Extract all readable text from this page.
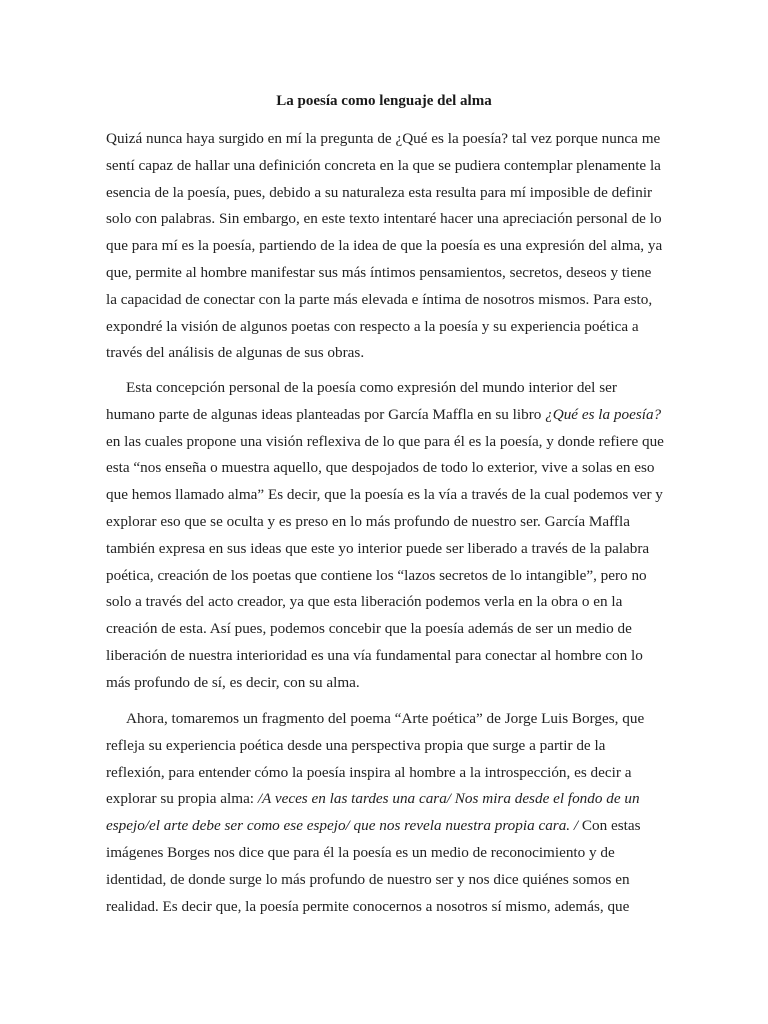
La poesía como lenguaje del alma
Quizá nunca haya surgido en mí la pregunta de ¿Qué es la poesía? tal vez porque nunca me
sentí capaz de hallar una definición concreta en la que se pudiera contemplar plenamente la
esencia de la poesía, pues, debido a su naturaleza esta resulta para mí imposible de definir
solo con palabras. Sin embargo, en este texto intentaré hacer una apreciación personal de lo
que para mí es la poesía, partiendo de la idea de que la poesía es una expresión del alma, ya
que, permite al hombre manifestar sus más íntimos pensamientos, secretos, deseos y tiene
la capacidad de conectar con la parte más elevada e íntima de nosotros mismos. Para esto,
expondré la visión de algunos poetas con respecto a la poesía y su experiencia poética a
través del análisis de algunas de sus obras.
Esta concepción personal de la poesía como expresión del mundo interior del ser
humano parte de algunas ideas planteadas por García Maffla en su libro ¿Qué es la poesía?
en las cuales propone una visión reflexiva de lo que para él es la poesía, y donde refiere que
esta “nos enseña o muestra aquello, que despojados de todo lo exterior, vive a solas en eso
que hemos llamado alma” Es decir, que la poesía es la vía a través de la cual podemos ver y
explorar eso que se oculta y es preso en lo más profundo de nuestro ser. García Maffla
también expresa en sus ideas que este yo interior puede ser liberado a través de la palabra
poética, creación de los poetas que contiene los “lazos secretos de lo intangible”, pero no
solo a través del acto creador, ya que esta liberación podemos verla en la obra o en la
creación de esta. Así pues, podemos concebir que la poesía además de ser un medio de
liberación de nuestra interioridad es una vía fundamental para conectar al hombre con lo
más profundo de sí, es decir, con su alma.
Ahora, tomaremos un fragmento del poema “Arte poética” de Jorge Luis Borges, que
refleja su experiencia poética desde una perspectiva propia que surge a partir de la
reflexión, para entender cómo la poesía inspira al hombre a la introspección, es decir a
explorar su propia alma: /A veces en las tardes una cara/ Nos mira desde el fondo de un
espejo/el arte debe ser como ese espejo/ que nos revela nuestra propia cara. / Con estas
imágenes Borges nos dice que para él la poesía es un medio de reconocimiento y de
identidad, de donde surge lo más profundo de nuestro ser y nos dice quiénes somos en
realidad. Es decir que, la poesía permite conocernos a nosotros sí mismo, además, que
